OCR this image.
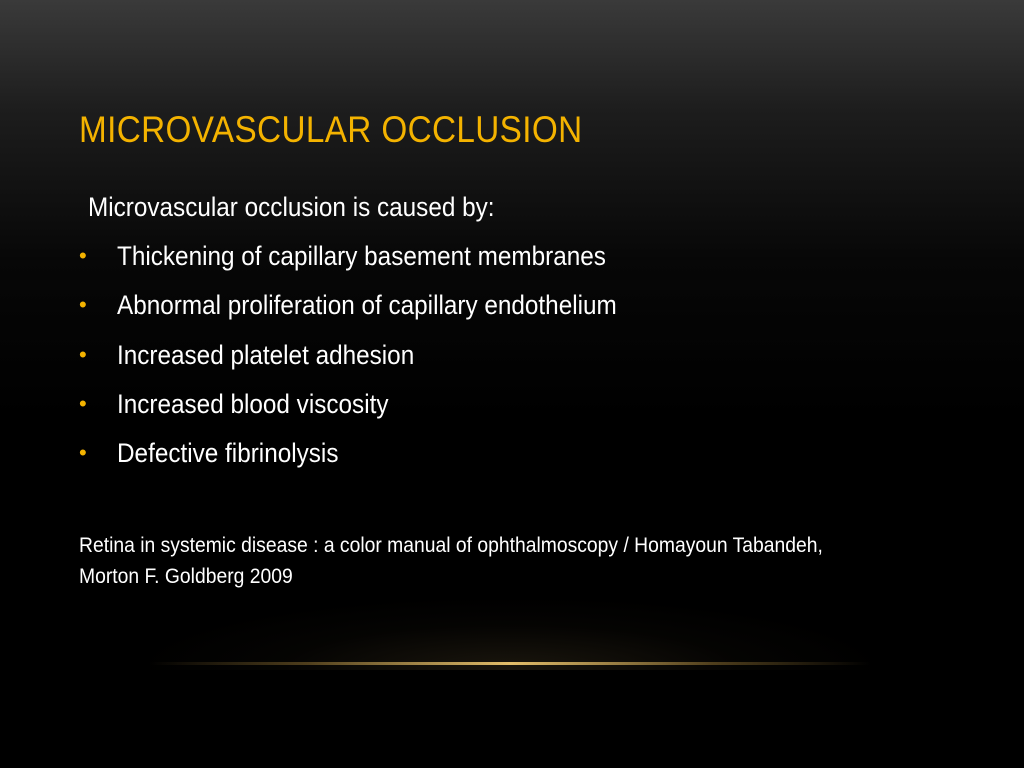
MICROVASCULAR OCCLUSION

Microvascular occlusion is caused by:

• Thickening of capillary basement membranes
• Abnormal proliferation of capillary endothelium
• Increased platelet adhesion
• Increased blood viscosity
• Defective fibrinolysis

Retina in systemic disease : a color manual of ophthalmoscopy / Homayoun Tabandeh, Morton F. Goldberg 2009
